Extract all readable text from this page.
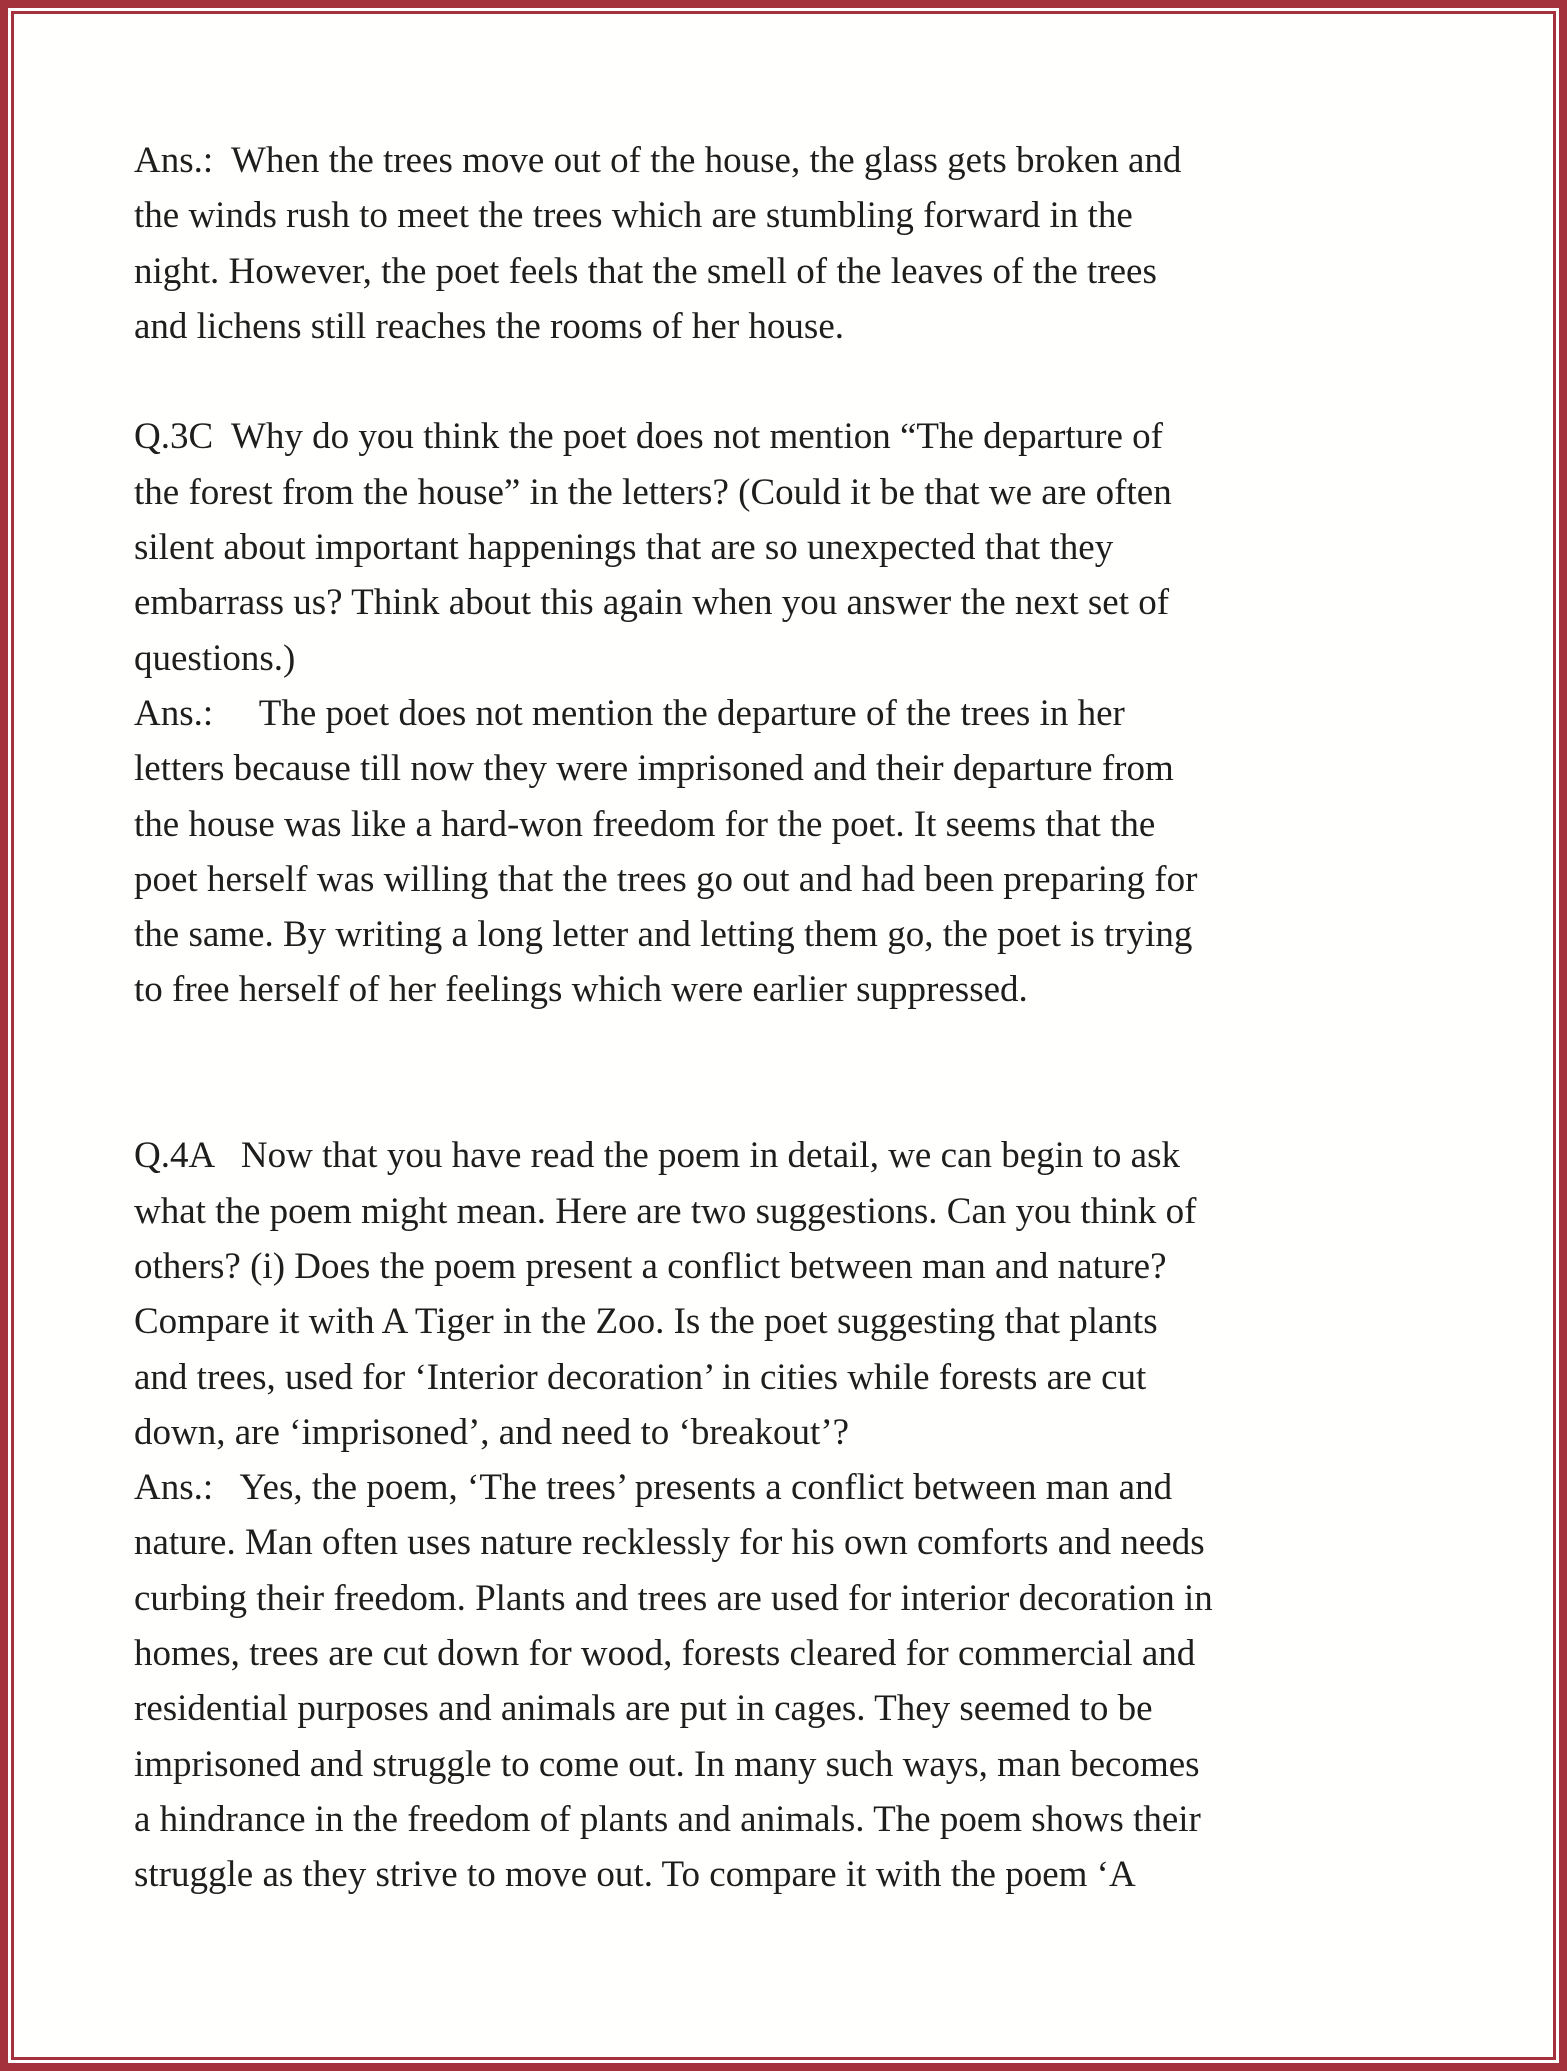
Ans.:  When the trees move out of the house, the glass gets broken and
the winds rush to meet the trees which are stumbling forward in the
night. However, the poet feels that the smell of the leaves of the trees
and lichens still reaches the rooms of her house.
Q.3C  Why do you think the poet does not mention “The departure of
the forest from the house” in the letters? (Could it be that we are often
silent about important happenings that are so unexpected that they
embarrass us? Think about this again when you answer the next set of
questions.)
Ans.:     The poet does not mention the departure of the trees in her
letters because till now they were imprisoned and their departure from
the house was like a hard-won freedom for the poet. It seems that the
poet herself was willing that the trees go out and had been preparing for
the same. By writing a long letter and letting them go, the poet is trying
to free herself of her feelings which were earlier suppressed.
Q.4A   Now that you have read the poem in detail, we can begin to ask
what the poem might mean. Here are two suggestions. Can you think of
others? (i) Does the poem present a conflict between man and nature?
Compare it with A Tiger in the Zoo. Is the poet suggesting that plants
and trees, used for ‘Interior decoration’ in cities while forests are cut
down, are ‘imprisoned’, and need to ‘breakout’?
Ans.:   Yes, the poem, ‘The trees’ presents a conflict between man and
nature. Man often uses nature recklessly for his own comforts and needs
curbing their freedom. Plants and trees are used for interior decoration in
homes, trees are cut down for wood, forests cleared for commercial and
residential purposes and animals are put in cages. They seemed to be
imprisoned and struggle to come out. In many such ways, man becomes
a hindrance in the freedom of plants and animals. The poem shows their
struggle as they strive to move out. To compare it with the poem ‘A
